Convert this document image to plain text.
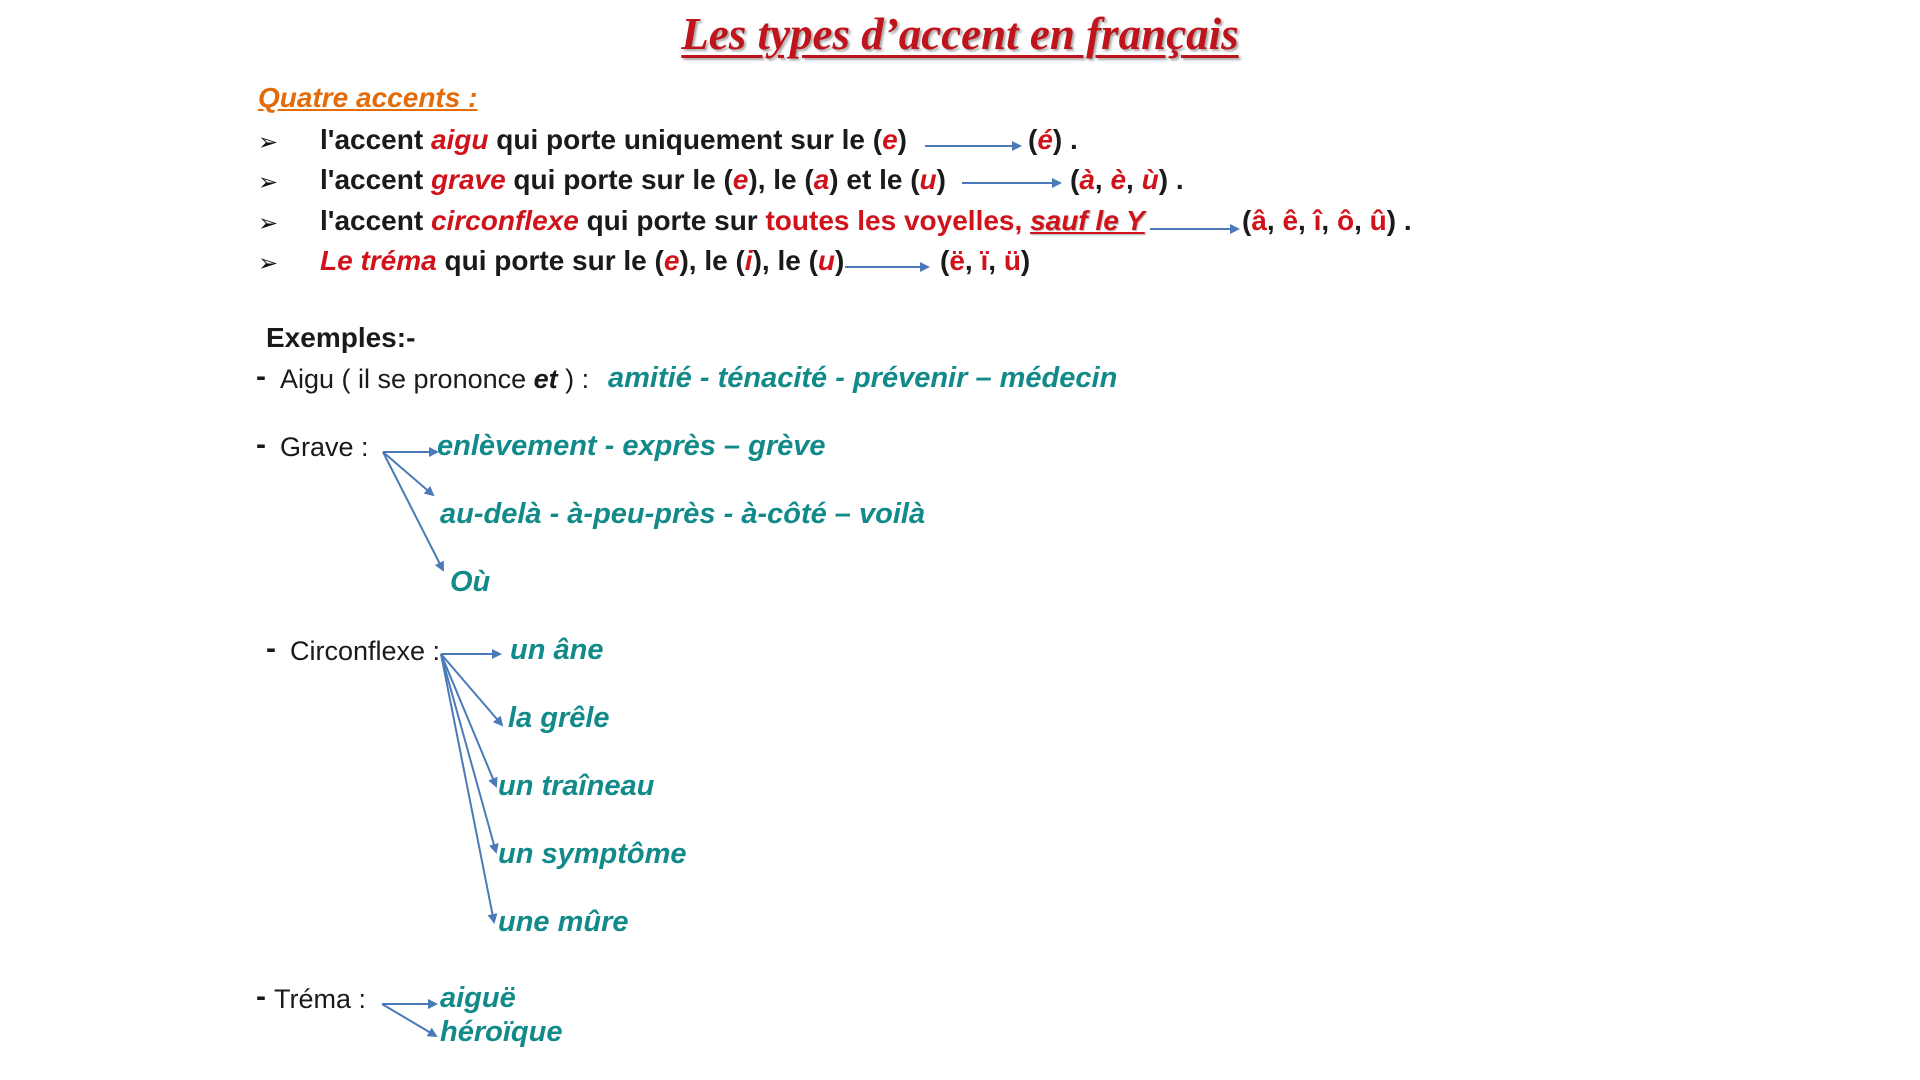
Les types d’accent en français
Quatre accents :
➢ l'accent aigu qui porte uniquement sur le (e)	(é) .
➢ l'accent grave qui porte sur le (e), le (a) et le (u)	(à, è, ù) .
➢ l'accent circonflexe qui porte sur toutes les voyelles, sauf le Y	(â, ê, î, ô, û) .
➢ Le tréma qui porte sur le (e), le (i), le (u)	(ë, ï, ü)
Exemples:-
- Aigu ( il se prononce et ) : amitié - ténacité - prévenir – médecin
- Grave : enlèvement - exprès – grève
au-delà - à-peu-près - à-côté – voilà
Où
- Circonflexe : un âne
la grêle
un traîneau
un symptôme
une mûre
- Tréma :	aiguë
héroïque
